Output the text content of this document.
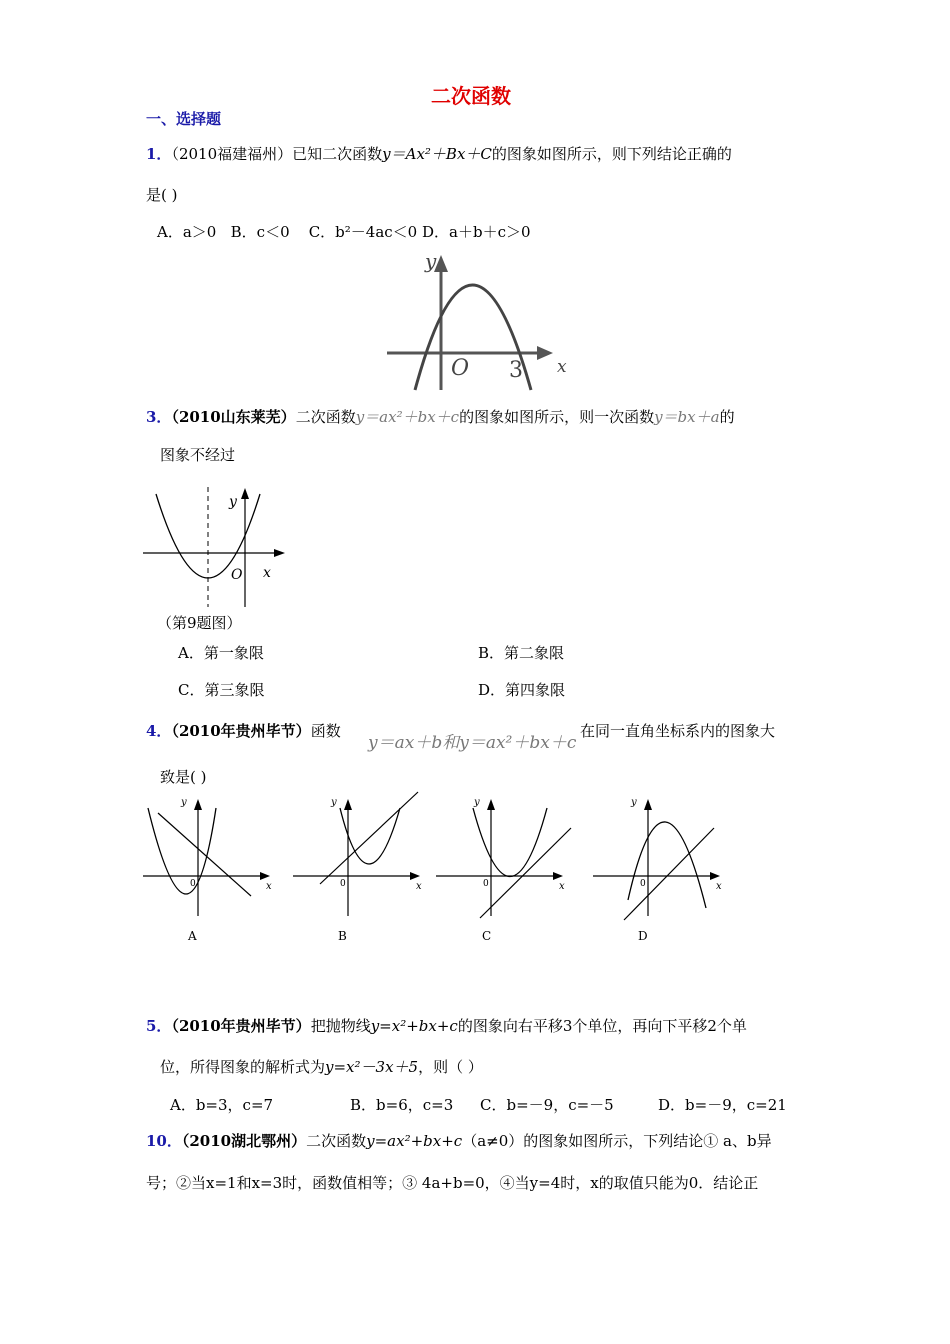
二次函数
一、选择题
1．（2010福建福州）已知二次函数y＝Ax²＋Bx＋C的图象如图所示，则下列结论正确的
是( )
A．a＞0 B．c＜0 C．b²－4ac＜0 D．a＋b＋c＞0
y
x
O 3
3．（2010山东莱芜）二次函数y＝ax²＋bx＋c的图象如图所示，则一次函数y＝bx＋a的
图象不经过
y
x
O
（第9题图）
A．第一象限	B．第二象限
C．第三象限	D．第四象限
4．（2010年贵州毕节）函数
y＝ax＋b和y＝ax²＋bx＋c
在同一直角坐标系内的图象大
致是( )
y
x
0
A
y
x
0
B
y
x
0
C
y
x
0
D
5．（2010年贵州毕节）把抛物线y=x²+bx+c的图象向右平移3个单位，再向下平移2个单
位，所得图象的解析式为y=x²－3x＋5，则（ ）
A．b=3，c=7	B．b=6，c=3 C．b=－9，c=－5	D．b=－9，c=21
10．（2010湖北鄂州）二次函数y=ax²+bx+c（a≠0）的图象如图所示，下列结论① a、b异
号；②当x=1和x=3时，函数值相等；③ 4a+b=0，④当y=4时，x的取值只能为0．结论正
